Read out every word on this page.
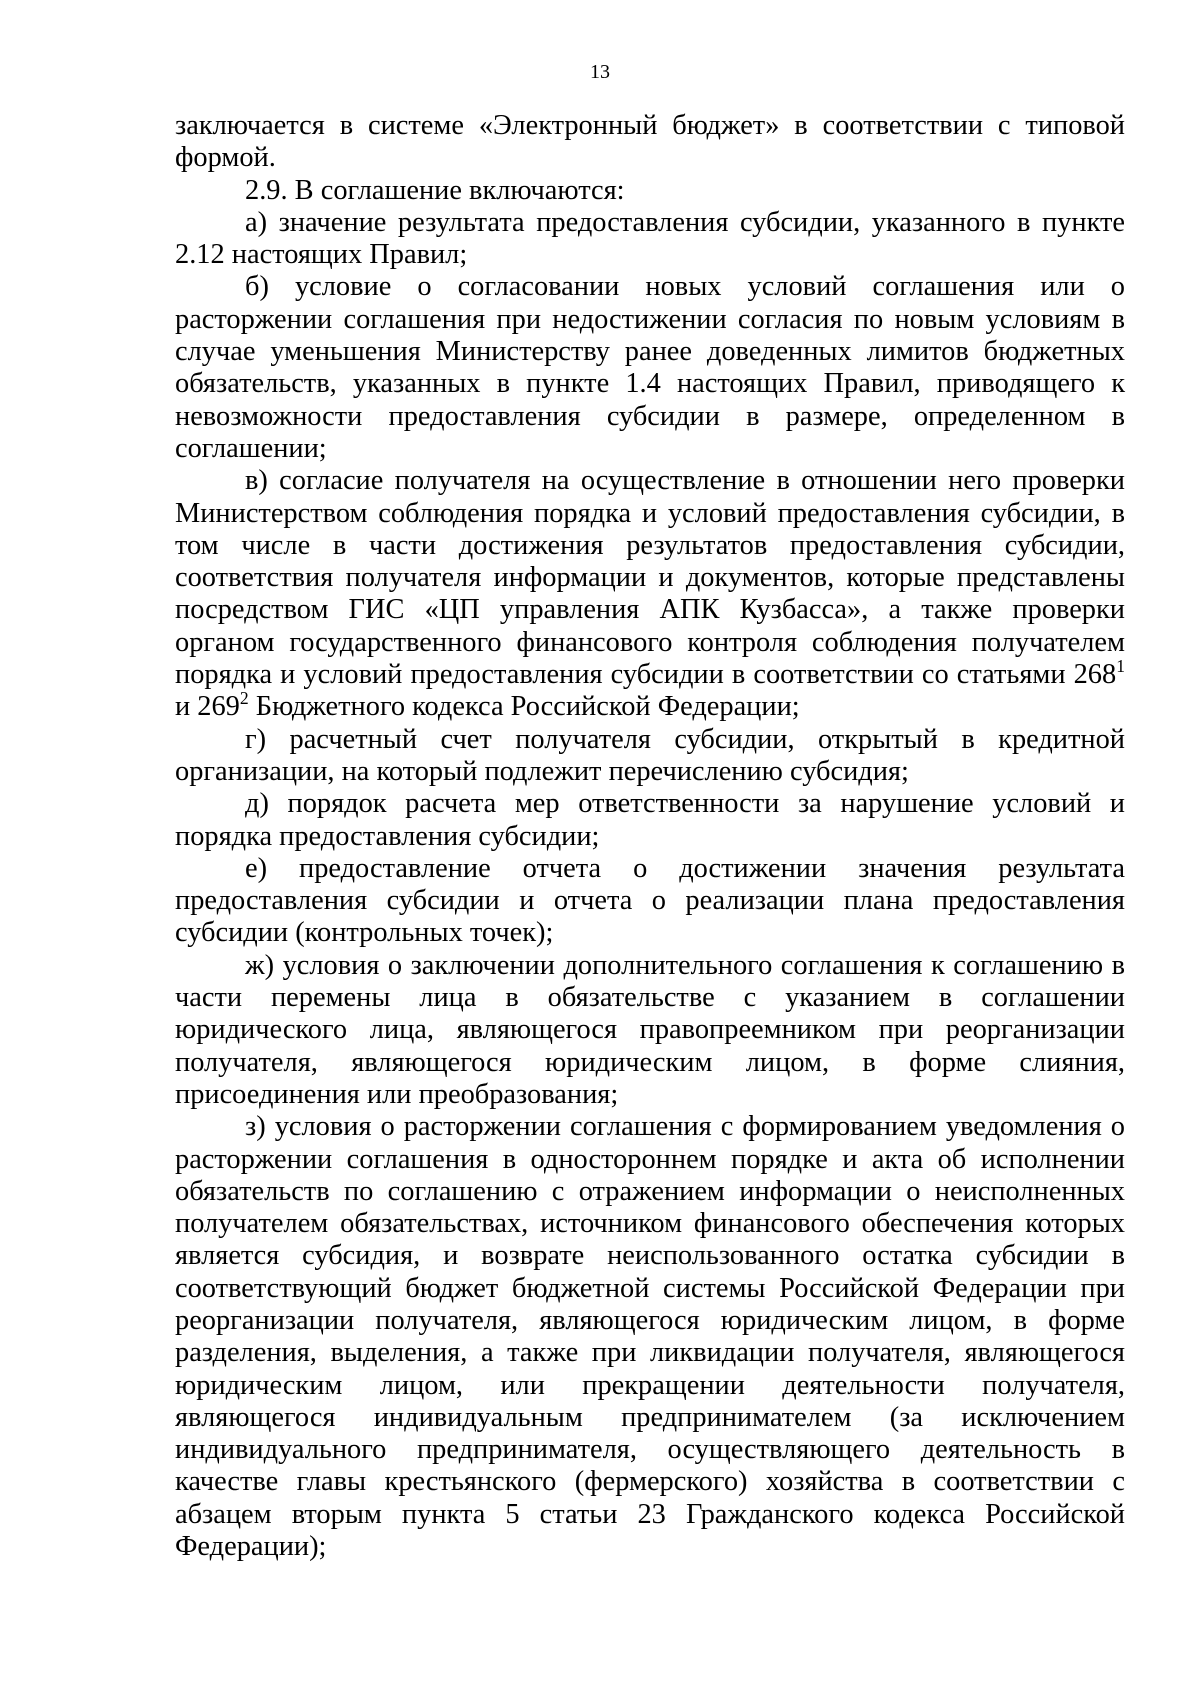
13

заключается в системе «Электронный бюджет» в соответствии с типовой формой.

2.9. В соглашение включаются:

а) значение результата предоставления субсидии, указанного в пункте 2.12 настоящих Правил;

б) условие о согласовании новых условий соглашения или о расторжении соглашения при недостижении согласия по новым условиям в случае уменьшения Министерству ранее доведенных лимитов бюджетных обязательств, указанных в пункте 1.4 настоящих Правил, приводящего к невозможности предоставления субсидии в размере, определенном в соглашении;

в) согласие получателя на осуществление в отношении него проверки Министерством соблюдения порядка и условий предоставления субсидии, в том числе в части достижения результатов предоставления субсидии, соответствия получателя информации и документов, которые представлены посредством ГИС «ЦП управления АПК Кузбасса», а также проверки органом государственного финансового контроля соблюдения получателем порядка и условий предоставления субсидии в соответствии со статьями $268^1$ и $269^2$ Бюджетного кодекса Российской Федерации;

г) расчетный счет получателя субсидии, открытый в кредитной организации, на который подлежит перечислению субсидия;

д) порядок расчета мер ответственности за нарушение условий и порядка предоставления субсидии;

е) предоставление отчета о достижении значения результата предоставления субсидии и отчета о реализации плана предоставления субсидии (контрольных точек);

ж) условия о заключении дополнительного соглашения к соглашению в части перемены лица в обязательстве с указанием в соглашении юридического лица, являющегося правопреемником при реорганизации получателя, являющегося юридическим лицом, в форме слияния, присоединения или преобразования;

з) условия о расторжении соглашения с формированием уведомления о расторжении соглашения в одностороннем порядке и акта об исполнении обязательств по соглашению с отражением информации о неисполненных получателем обязательствах, источником финансового обеспечения которых является субсидия, и возврате неиспользованного остатка субсидии в соответствующий бюджет бюджетной системы Российской Федерации при реорганизации получателя, являющегося юридическим лицом, в форме разделения, выделения, а также при ликвидации получателя, являющегося юридическим лицом, или прекращении деятельности получателя, являющегося индивидуальным предпринимателем (за исключением индивидуального предпринимателя, осуществляющего деятельность в качестве главы крестьянского (фермерского) хозяйства в соответствии с абзацем вторым пункта 5 статьи 23 Гражданского кодекса Российской Федерации);
